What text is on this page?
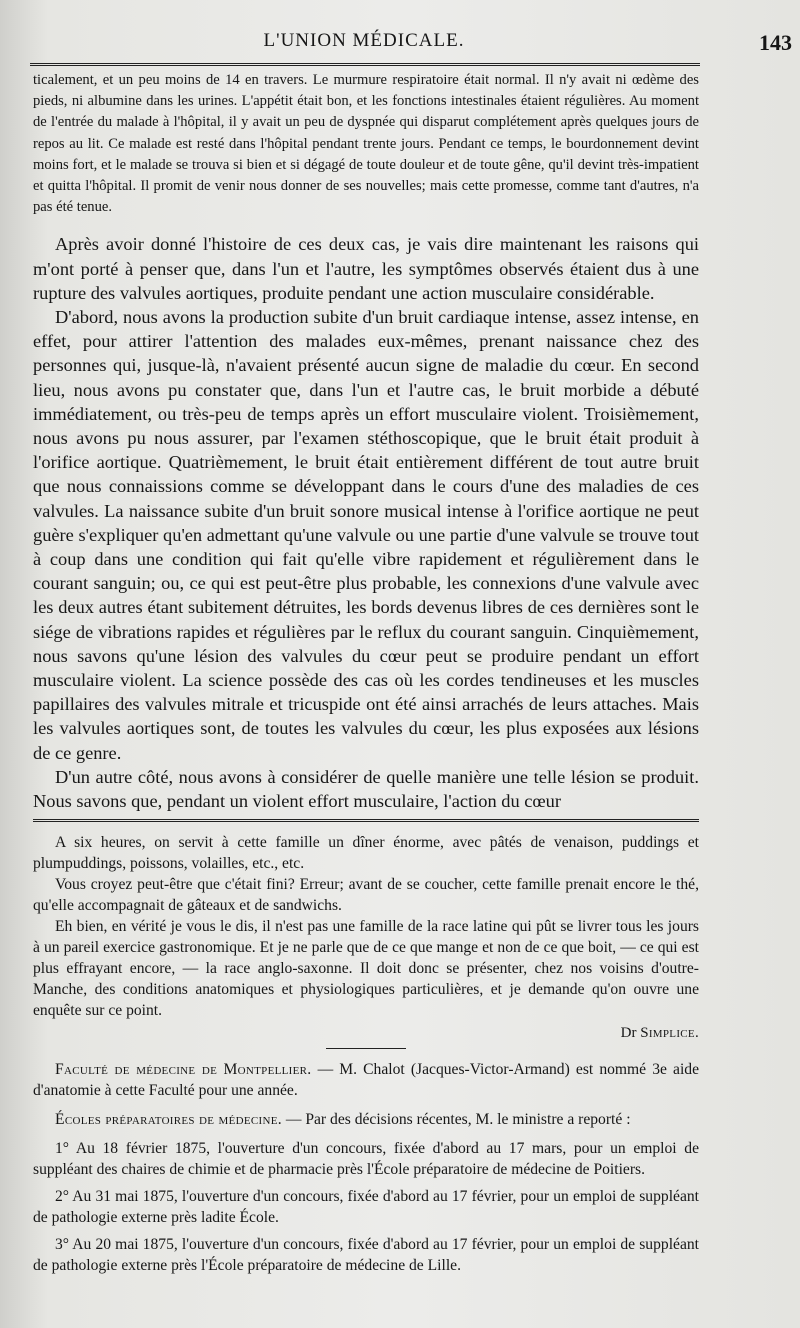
L'UNION MÉDICALE.	143

ticalement, et un peu moins de 14 en travers. Le murmure respiratoire était normal. Il n'y avait ni œdème des pieds, ni albumine dans les urines. L'appétit était bon, et les fonctions intestinales étaient régulières. Au moment de l'entrée du malade à l'hôpital, il y avait un peu de dyspnée qui disparut complétement après quelques jours de repos au lit. Ce malade est resté dans l'hôpital pendant trente jours. Pendant ce temps, le bourdonnement devint moins fort, et le malade se trouva si bien et si dégagé de toute douleur et de toute gêne, qu'il devint très-impatient et quitta l'hôpital. Il promit de venir nous donner de ses nouvelles; mais cette promesse, comme tant d'autres, n'a pas été tenue.

Après avoir donné l'histoire de ces deux cas, je vais dire maintenant les raisons qui m'ont porté à penser que, dans l'un et l'autre, les symptômes observés étaient dus à une rupture des valvules aortiques, produite pendant une action musculaire considérable.

D'abord, nous avons la production subite d'un bruit cardiaque intense, assez intense, en effet, pour attirer l'attention des malades eux-mêmes, prenant naissance chez des personnes qui, jusque-là, n'avaient présenté aucun signe de maladie du cœur. En second lieu, nous avons pu constater que, dans l'un et l'autre cas, le bruit morbide a débuté immédiatement, ou très-peu de temps après un effort musculaire violent. Troisièmement, nous avons pu nous assurer, par l'examen stéthoscopique, que le bruit était produit à l'orifice aortique. Quatrièmement, le bruit était entièrement différent de tout autre bruit que nous connaissions comme se développant dans le cours d'une des maladies de ces valvules. La naissance subite d'un bruit sonore musical intense à l'orifice aortique ne peut guère s'expliquer qu'en admettant qu'une valvule ou une partie d'une valvule se trouve tout à coup dans une condition qui fait qu'elle vibre rapidement et régulièrement dans le courant sanguin; ou, ce qui est peut-être plus probable, les connexions d'une valvule avec les deux autres étant subitement détruites, les bords devenus libres de ces dernières sont le siége de vibrations rapides et régulières par le reflux du courant sanguin. Cinquièmement, nous savons qu'une lésion des valvules du cœur peut se produire pendant un effort musculaire violent. La science possède des cas où les cordes tendineuses et les muscles papillaires des valvules mitrale et tricuspide ont été ainsi arrachés de leurs attaches. Mais les valvules aortiques sont, de toutes les valvules du cœur, les plus exposées aux lésions de ce genre.

D'un autre côté, nous avons à considérer de quelle manière une telle lésion se produit. Nous savons que, pendant un violent effort musculaire, l'action du cœur

A six heures, on servit à cette famille un dîner énorme, avec pâtés de venaison, puddings et plumpuddings, poissons, volailles, etc., etc.

Vous croyez peut-être que c'était fini? Erreur; avant de se coucher, cette famille prenait encore le thé, qu'elle accompagnait de gâteaux et de sandwichs.

Eh bien, en vérité je vous le dis, il n'est pas une famille de la race latine qui pût se livrer tous les jours à un pareil exercice gastronomique. Et je ne parle que de ce que mange et non de ce que boit, — ce qui est plus effrayant encore, — la race anglo-saxonne. Il doit donc se présenter, chez nos voisins d'outre-Manche, des conditions anatomiques et physiologiques particulières, et je demande qu'on ouvre une enquête sur ce point.

Dr Simplice.

Faculté de médecine de Montpellier. — M. Chalot (Jacques-Victor-Armand) est nommé 3e aide d'anatomie à cette Faculté pour une année.

Écoles préparatoires de médecine. — Par des décisions récentes, M. le ministre a reporté :

1° Au 18 février 1875, l'ouverture d'un concours, fixée d'abord au 17 mars, pour un emploi de suppléant des chaires de chimie et de pharmacie près l'École préparatoire de médecine de Poitiers.

2° Au 31 mai 1875, l'ouverture d'un concours, fixée d'abord au 17 février, pour un emploi de suppléant de pathologie externe près ladite École.

3° Au 20 mai 1875, l'ouverture d'un concours, fixée d'abord au 17 février, pour un emploi de suppléant de pathologie externe près l'École préparatoire de médecine de Lille.
